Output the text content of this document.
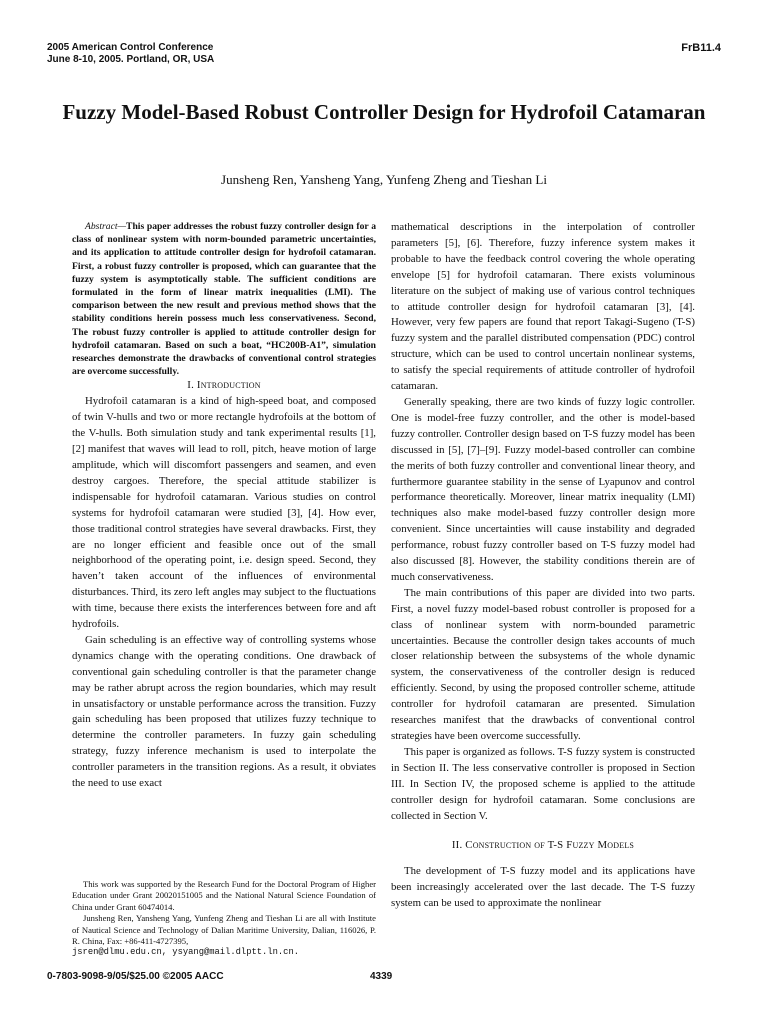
2005 American Control Conference
June 8-10, 2005. Portland, OR, USA
FrB11.4
Fuzzy Model-Based Robust Controller Design for Hydrofoil Catamaran
Junsheng Ren, Yansheng Yang, Yunfeng Zheng and Tieshan Li

Abstract—This paper addresses the robust fuzzy controller design for a class of nonlinear system with norm-bounded parametric uncertainties, and its application to attitude controller design for hydrofoil catamaran. First, a robust fuzzy controller is proposed, which can guarantee that the fuzzy system is asymptotically stable. The sufficient conditions are formulated in the form of linear matrix inequalities (LMI). The comparison between the new result and previous method shows that the stability conditions herein possess much less conservativeness. Second, The robust fuzzy controller is applied to attitude controller design for hydrofoil catamaran. Based on such a boat, “HC200B-A1”, simulation researches demonstrate the drawbacks of conventional control strategies are overcome successfully.

I. Introduction

Hydrofoil catamaran is a kind of high-speed boat, and composed of twin V-hulls and two or more rectangle hydrofoils at the bottom of the V-hulls. Both simulation study and tank experimental results [1], [2] manifest that waves will lead to roll, pitch, heave motion of large amplitude, which will discomfort passengers and seamen, and even destroy cargoes. Therefore, the special attitude stabilizer is indispensable for hydrofoil catamaran. Various studies on control systems for hydrofoil catamaran were studied [3], [4]. How ever, those traditional control strategies have several drawbacks. First, they are no longer efficient and feasible once out of the small neighborhood of the operating point, i.e. design speed. Second, they haven’t taken account of the influences of environmental disturbances. Third, its zero left angles may subject to the fluctuations with time, because there exists the interferences between fore and aft hydrofoils.

Gain scheduling is an effective way of controlling systems whose dynamics change with the operating conditions. One drawback of conventional gain scheduling controller is that the parameter change may be rather abrupt across the region boundaries, which may result in unsatisfactory or unstable performance across the transition. Fuzzy gain scheduling has been proposed that utilizes fuzzy technique to determine the controller parameters. In fuzzy gain scheduling strategy, fuzzy inference mechanism is used to interpolate the controller parameters in the transition regions. As a result, it obviates the need to use exact

mathematical descriptions in the interpolation of controller parameters [5], [6]. Therefore, fuzzy inference system makes it probable to have the feedback control covering the whole operating envelope [5] for hydrofoil catamaran. There exists voluminous literature on the subject of making use of various control techniques to attitude controller design for hydrofoil catamaran [3], [4]. However, very few papers are found that report Takagi-Sugeno (T-S) fuzzy system and the parallel distributed compensation (PDC) control structure, which can be used to control uncertain nonlinear systems, to satisfy the special requirements of attitude controller of hydrofoil catamaran.

Generally speaking, there are two kinds of fuzzy logic controller. One is model-free fuzzy controller, and the other is model-based fuzzy controller. Controller design based on T-S fuzzy model has been discussed in [5], [7]–[9]. Fuzzy model-based controller can combine the merits of both fuzzy controller and conventional linear theory, and furthermore guarantee stability in the sense of Lyapunov and control performance theoretically. Moreover, linear matrix inequality (LMI) techniques also make model-based fuzzy controller design more convenient. Since uncertainties will cause instability and degraded performance, robust fuzzy controller based on T-S fuzzy model had also discussed [8]. However, the stability conditions therein are of much conservativeness.

The main contributions of this paper are divided into two parts. First, a novel fuzzy model-based robust controller is proposed for a class of nonlinear system with norm-bounded parametric uncertainties. Because the controller design takes accounts of much closer relationship between the subsystems of the whole dynamic system, the conservativeness of the controller design is reduced efficiently. Second, by using the proposed controller scheme, attitude controller for hydrofoil catamaran are presented. Simulation researches manifest that the drawbacks of conventional control strategies have been overcome successfully.

This paper is organized as follows. T-S fuzzy system is constructed in Section II. The less conservative controller is proposed in Section III. In Section IV, the proposed scheme is applied to the attitude controller design for hydrofoil catamaran. Some conclusions are collected in Section V.

II. Construction of T-S Fuzzy Models

The development of T-S fuzzy model and its applications have been increasingly accelerated over the last decade. The T-S fuzzy system can be used to approximate the nonlinear

This work was supported by the Research Fund for the Doctoral Program of Higher Education under Grant 20020151005 and the National Natural Science Foundation of China under Grant 60474014.

Junsheng Ren, Yansheng Yang, Yunfeng Zheng and Tieshan Li are all with Institute of Nautical Science and Technology of Dalian Maritime University, Dalian, 116026, P. R. China, Fax: +86-411-4727395,

jsren@dlmu.edu.cn, ysyang@mail.dlptt.ln.cn.
0-7803-9098-9/05/$25.00 ©2005 AACC	4339
